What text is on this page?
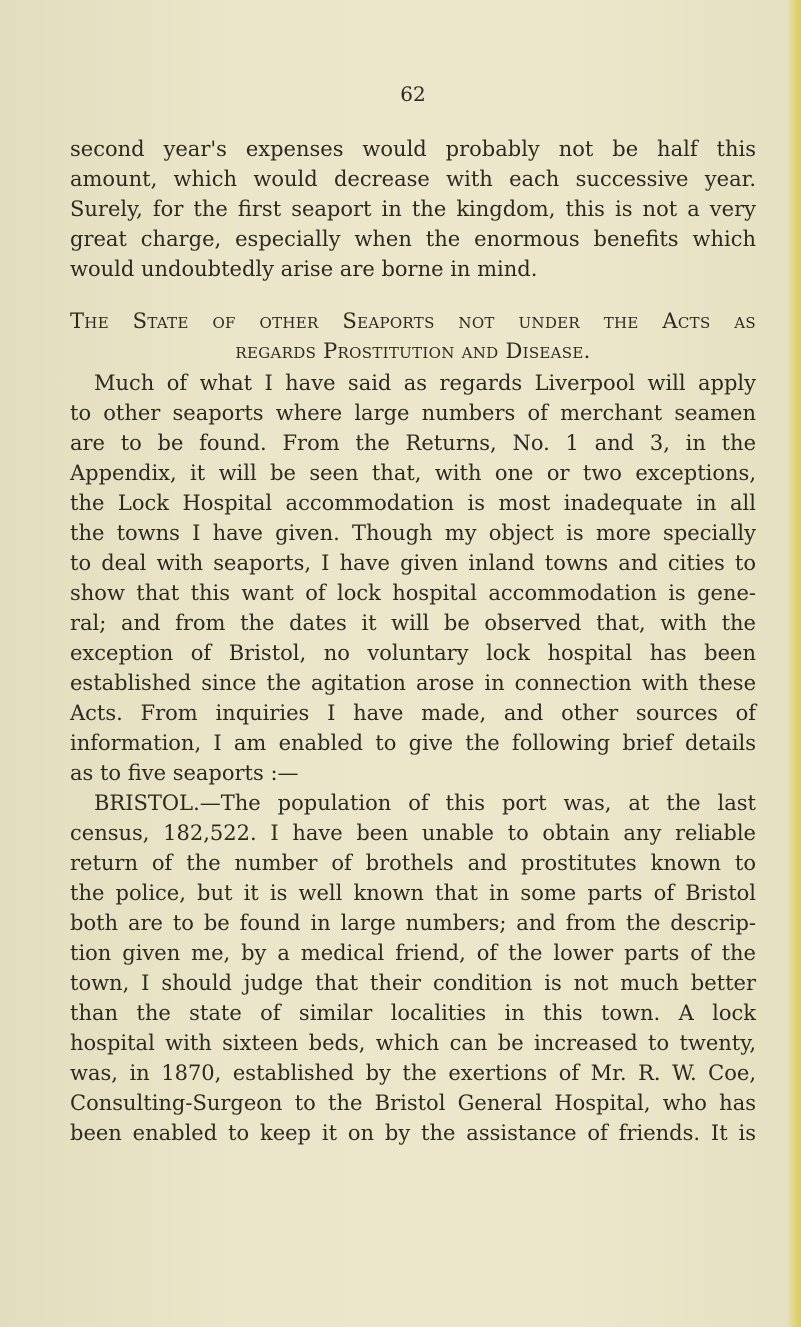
62
second year's expenses would probably not be half this
amount, which would decrease with each successive year.
Surely, for the first seaport in the kingdom, this is not a very
great charge, especially when the enormous benefits which
would undoubtedly arise are borne in mind.
The State of other Seaports not under the Acts as
regards Prostitution and Disease.
Much of what I have said as regards Liverpool will apply
to other seaports where large numbers of merchant seamen
are to be found. From the Returns, No. 1 and 3, in the
Appendix, it will be seen that, with one or two exceptions,
the Lock Hospital accommodation is most inadequate in all
the towns I have given. Though my object is more specially
to deal with seaports, I have given inland towns and cities to
show that this want of lock hospital accommodation is gene-
ral; and from the dates it will be observed that, with the
exception of Bristol, no voluntary lock hospital has been
established since the agitation arose in connection with these
Acts. From inquiries I have made, and other sources of
information, I am enabled to give the following brief details
as to five seaports :—
BRISTOL.—The population of this port was, at the last
census, 182,522. I have been unable to obtain any reliable
return of the number of brothels and prostitutes known to
the police, but it is well known that in some parts of Bristol
both are to be found in large numbers; and from the descrip-
tion given me, by a medical friend, of the lower parts of the
town, I should judge that their condition is not much better
than the state of similar localities in this town. A lock
hospital with sixteen beds, which can be increased to twenty,
was, in 1870, established by the exertions of Mr. R. W. Coe,
Consulting-Surgeon to the Bristol General Hospital, who has
been enabled to keep it on by the assistance of friends. It is
